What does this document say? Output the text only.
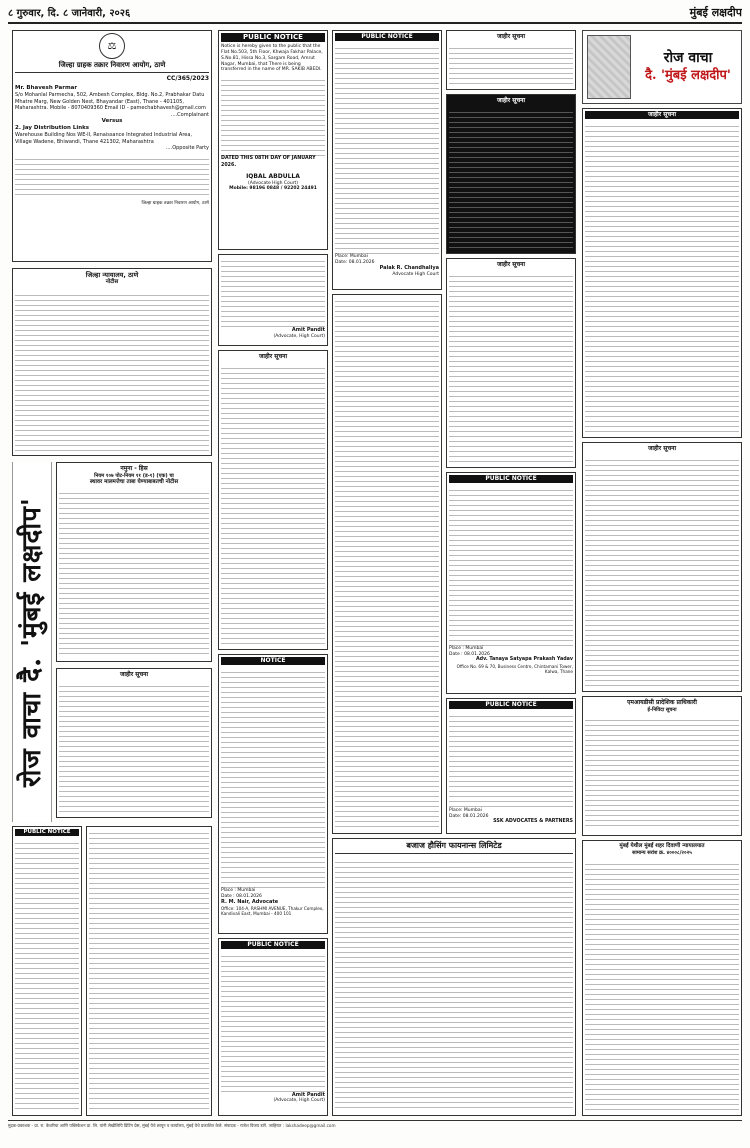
८ गुरुवार, दि. ८ जानेवारी, २०२६	मुंबई लक्षदीप
⚖
जिल्हा ग्राहक तक्रार निवारण आयोग, ठाणे
CC/365/2023
Mr. Bhavesh Parmar
S/o Mohanlal Parmecha, 502, Ambesh Complex, Bldg. No.2, Prabhakar Datu Mhatre Marg, New Golden Nest, Bhayandar (East), Thane - 401105, Maharashtra. Mobile - 8070409360 Email ID - pamechabhavesh@gmail.com
....Complainant
Versus
2. Jay Distribution Links
Warehouse Building Nos WE-II, Renaissance Integrated Industrial Area, Village Wadene, Bhiwandi, Thane 421302, Maharashtra
....Opposite Party
जिल्हा ग्राहक तक्रार निवारण आयोग, ठाणे
जिल्हा न्यायालय, ठाणे
नोटीस
रोज वाचा दै. 'मुंबई लक्षदीप'
नमुना - हिस
नियम १०७ पोट-नियम ११ (ड-१) (एक) चा
स्थावर मालमत्तेचा ताबा घेण्याबाबतची नोटीस
जाहीर सूचना
PUBLIC NOTICE
PUBLIC NOTICE
Notice is hereby given to the public that the Flat No.503, 5th Floor, Khwaja Fakhar Palace, S.No.81, Hissa No.3, Sargam Road, Amrut Nagar, Mumbai, that There is being transferred in the name of MR. SAKIB ABEDI.
DATED THIS 08TH DAY OF JANUARY 2026.
IQBAL ABDULLA
(Advocate High Court)
Mobile: 98196 0848 / 92202 24491
Amit Pandit
(Advocate, High Court)
जाहीर सूचना
NOTICE
Place : Mumbai
Date : 08.01.2026
R. M. Nair, Advocate
Office: 104-A, RASHMI AVENUE, Thakur Complex, Kandivali East, Mumbai - 400 101
PUBLIC NOTICE
Amit Pandit
(Advocate, High Court)
PUBLIC NOTICE
Place: Mumbai
Date: 08.01.2026
Palak R. Chandhaliya
Advocate High Court
जाहीर सूचना
जाहीर सूचना
जाहीर सूचना
PUBLIC NOTICE
Place : Mumbai
Date : 08.01.2026
Adv. Tanaya Satyapa Prakash Yadav
Office No. 69 & 70, Business Centre, Chintamani Tower, Kalwa, Thane
PUBLIC NOTICE
Place: Mumbai
Date: 08.01.2026
SSK ADVOCATES & PARTNERS
बजाज हौसिंग फायनान्स लिमिटेड
रोज वाचा
दै. 'मुंबई लक्षदीप'
जाहीर सूचना
जाहीर सूचना
एमआयडीसी प्रादेशिक प्राधिकारी
ई-निविदा सूचना
मुंबई येथील मुंबई शहर दिवाणी न्यायालयात
सामान्य सरांश क्र. ४०००८/२०२५
मुद्रक-प्रकाशक - प्रा. रा. केशरिया आणि पब्लिकेशन प्रा. लि. यांनी लेखीलिपि प्रिंटिंग प्रेस, मुंबई येथे छापून व कार्यालय, मुंबई येथे प्रकाशित केले. संपादक - राजेश विजय डांगे. जाहिरात : lakshadeep@gmail.com
